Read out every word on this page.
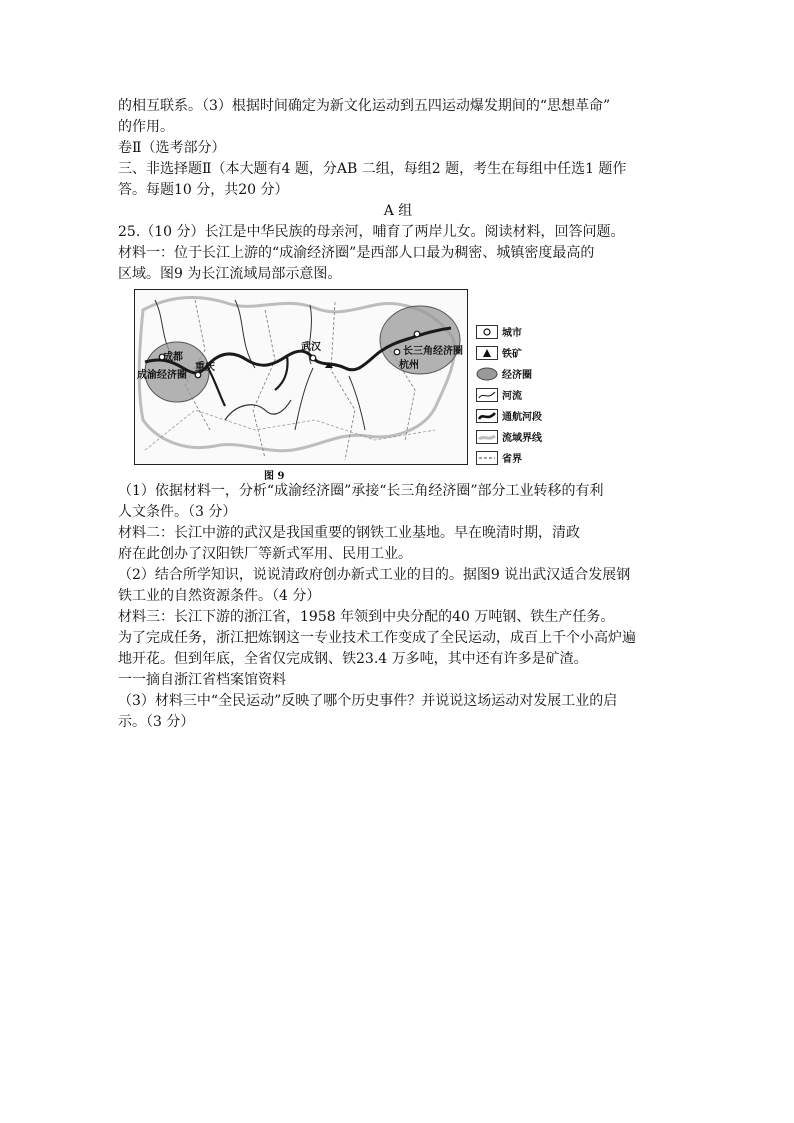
的相互联系。（3）根据时间确定为新文化运动到五四运动爆发期间的“思想革命”

的作用。

卷Ⅱ（选考部分）

三、非选择题Ⅱ（本大题有4 题，分AB 二组，每组2 题，考生在每组中任选1 题作

答。每题10 分，共20 分）

A 组

25.（10 分）长江是中华民族的母亲河，哺育了两岸儿女。阅读材料，回答问题。

材料一：位于长江上游的“成渝经济圈”是西部人口最为稠密、城镇密度最高的

区域。图9 为长江流域局部示意图。

成都
成渝经济圈
重庆
武汉	长三角经济圈
杭州
城市
铁矿
经济圈
河流
通航河段
流域界线
省界
图 9

（1）依据材料一，分析“成渝经济圈”承接“长三角经济圈”部分工业转移的有利

人文条件。（3 分）

材料二：长江中游的武汉是我国重要的钢铁工业基地。早在晚清时期，清政

府在此创办了汉阳铁厂等新式军用、民用工业。

（2）结合所学知识，说说清政府创办新式工业的目的。据图9 说出武汉适合发展钢

铁工业的自然资源条件。（4 分）

材料三：长江下游的浙江省，1958 年领到中央分配的40 万吨钢、铁生产任务。

为了完成任务，浙江把炼钢这一专业技术工作变成了全民运动，成百上千个小高炉遍

地开花。但到年底，全省仅完成钢、铁23.4 万多吨，其中还有许多是矿渣。

一一摘自浙江省档案馆资料

（3）材料三中“全民运动”反映了哪个历史事件？并说说这场运动对发展工业的启

示。（3 分）
